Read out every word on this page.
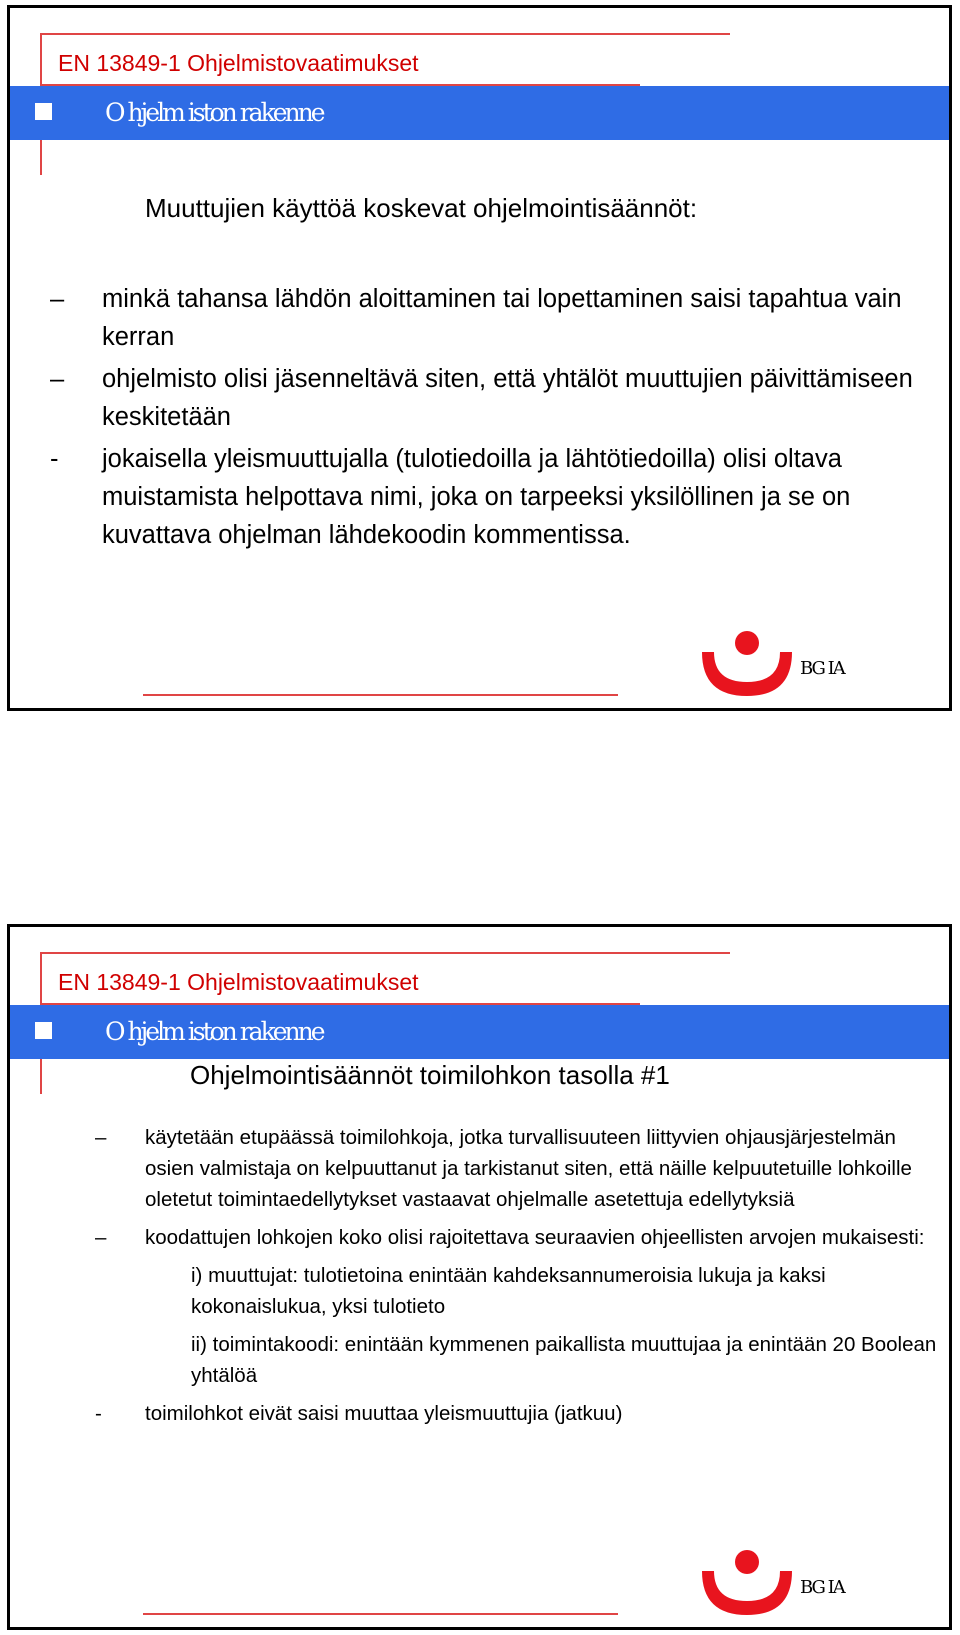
EN 13849-1 Ohjelmistovaatimukset
O hjelm iston rakenne
Muuttujien käyttöä koskevat ohjelmointisäännöt:
– minkä tahansa lähdön aloittaminen tai lopettaminen saisi tapahtua vain kerran
– ohjelmisto olisi jäsenneltävä siten, että yhtälöt muuttujien päivittämiseen keskitetään
- jokaisella yleismuuttujalla (tulotiedoilla ja lähtötiedoilla) olisi oltava muistamista helpottava nimi, joka on tarpeeksi yksilöllinen ja se on kuvattava ohjelman lähdekoodin kommentissa.
BG IA
EN 13849-1 Ohjelmistovaatimukset
O hjelm iston rakenne
Ohjelmointisäännöt toimilohkon tasolla #1
– käytetään etupäässä toimilohkoja, jotka turvallisuuteen liittyvien ohjausjärjestelmän osien valmistaja on kelpuuttanut ja tarkistanut siten, että näille kelpuutetuille lohkoille oletetut toimintaedellytykset vastaavat ohjelmalle asetettuja edellytyksiä
– koodattujen lohkojen koko olisi rajoitettava seuraavien ohjeellisten arvojen mukaisesti:
i) muuttujat: tulotietoina enintään kahdeksannumeroisia lukuja ja kaksi kokonaislukua, yksi tulotieto
ii) toimintakoodi: enintään kymmenen paikallista muuttujaa ja enintään 20 Boolean yhtälöä
- toimilohkot eivät saisi muuttaa yleismuuttujia (jatkuu)
BG IA
